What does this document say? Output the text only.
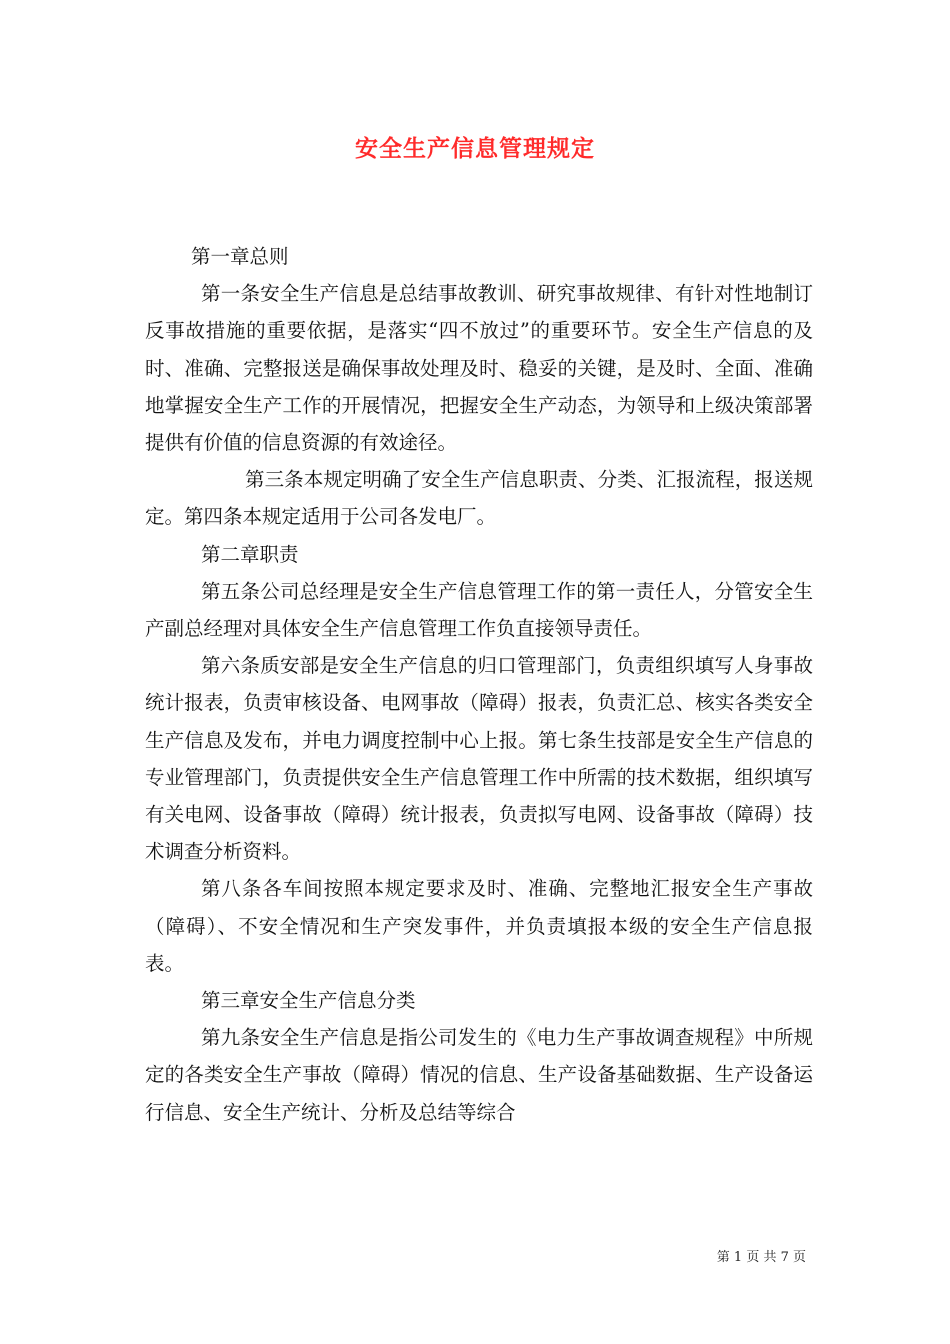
安全生产信息管理规定

第一章总则

第一条安全生产信息是总结事故教训、研究事故规律、有针对性地制订反事故措施的重要依据，是落实“四不放过”的重要环节。安全生产信息的及时、准确、完整报送是确保事故处理及时、稳妥的关键，是及时、全面、准确地掌握安全生产工作的开展情况，把握安全生产动态，为领导和上级决策部署提供有价值的信息资源的有效途径。

第三条本规定明确了安全生产信息职责、分类、汇报流程，报送规定。第四条本规定适用于公司各发电厂。

第二章职责

第五条公司总经理是安全生产信息管理工作的第一责任人，分管安全生产副总经理对具体安全生产信息管理工作负直接领导责任。

第六条质安部是安全生产信息的归口管理部门，负责组织填写人身事故统计报表，负责审核设备、电网事故（障碍）报表，负责汇总、核实各类安全生产信息及发布，并电力调度控制中心上报。第七条生技部是安全生产信息的专业管理部门，负责提供安全生产信息管理工作中所需的技术数据，组织填写有关电网、设备事故（障碍）统计报表，负责拟写电网、设备事故（障碍）技术调查分析资料。

第八条各车间按照本规定要求及时、准确、完整地汇报安全生产事故（障碍）、不安全情况和生产突发事件，并负责填报本级的安全生产信息报表。

第三章安全生产信息分类

第九条安全生产信息是指公司发生的《电力生产事故调查规程》中所规定的各类安全生产事故（障碍）情况的信息、生产设备基础数据、生产设备运行信息、安全生产统计、分析及总结等综合

第 1 页 共 7 页
